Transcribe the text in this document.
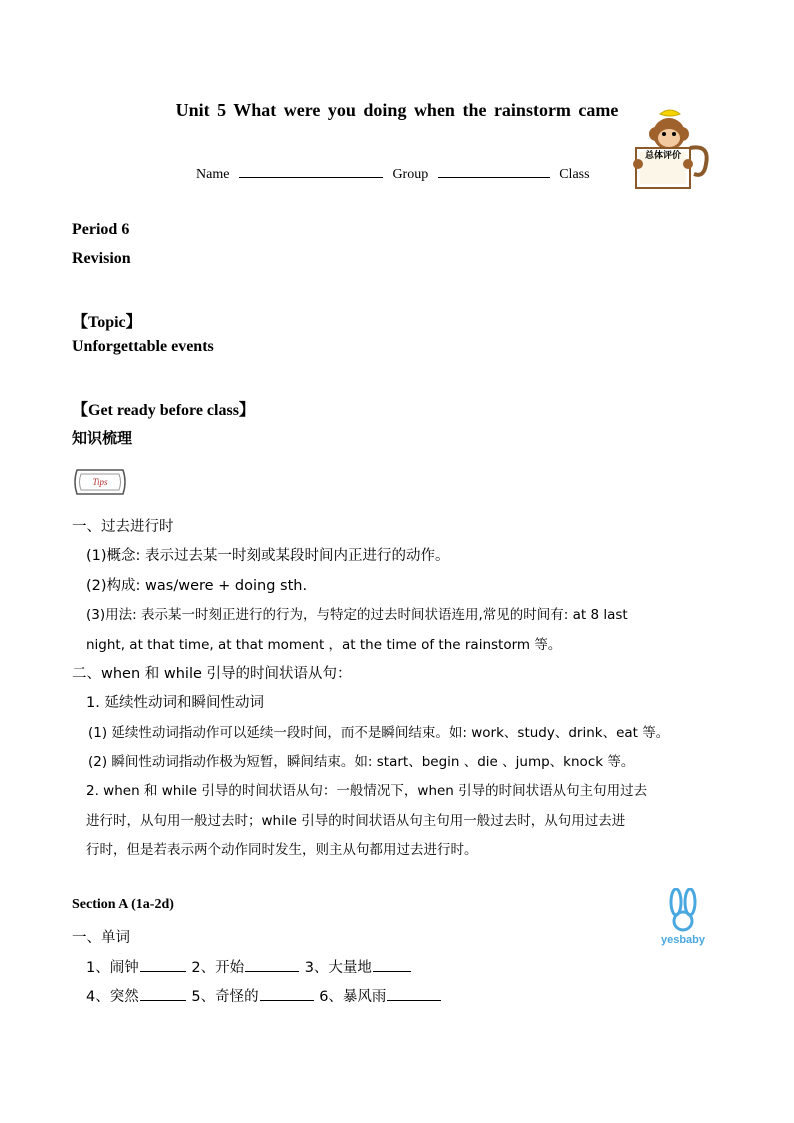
Unit 5 What were you doing when the rainstorm came
总体评价
Name	Group	Class
Period 6
Revision
【Topic】
Unforgettable events
【Get ready before class】
知识梳理
Tips
一、过去进行时
(1)概念: 表示过去某一时刻或某段时间内正进行的动作。
(2)构成: was/were + doing sth.
(3)用法: 表示某一时刻正进行的行为，与特定的过去时间状语连用,常见的时间有: at 8 last
night, at that time, at that moment ，at the time of the rainstorm 等。
二、when 和 while 引导的时间状语从句：
1. 延续性动词和瞬间性动词
(1) 延续性动词指动作可以延续一段时间，而不是瞬间结束。如: work、study、drink、eat 等。
(2) 瞬间性动词指动作极为短暂，瞬间结束。如: start、begin 、die 、jump、knock 等。
2. when 和 while 引导的时间状语从句：一般情况下，when 引导的时间状语从句主句用过去
进行时，从句用一般过去时；while 引导的时间状语从句主句用一般过去时，从句用过去进
行时，但是若表示两个动作同时发生，则主从句都用过去进行时。
Section A (1a-2d)
一、单词
1、闹钟	2、开始	3、大量地
4、突然	5、奇怪的	6、暴风雨
yesbaby
